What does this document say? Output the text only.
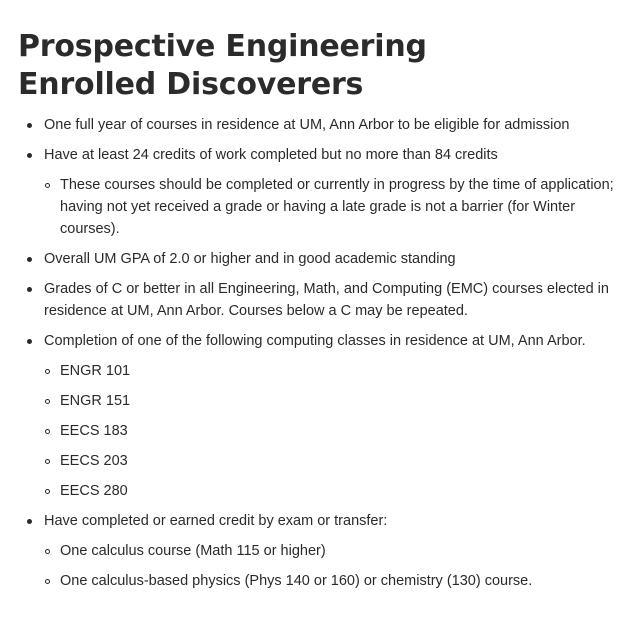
Prospective Engineering Enrolled Discoverers
One full year of courses in residence at UM, Ann Arbor to be eligible for admission
Have at least 24 credits of work completed but no more than 84 credits
These courses should be completed or currently in progress by the time of application; having not yet received a grade or having a late grade is not a barrier (for Winter courses).
Overall UM GPA of 2.0 or higher and in good academic standing
Grades of C or better in all Engineering, Math, and Computing (EMC) courses elected in residence at UM, Ann Arbor. Courses below a C may be repeated.
Completion of one of the following computing classes in residence at UM, Ann Arbor.
ENGR 101
ENGR 151
EECS 183
EECS 203
EECS 280
Have completed or earned credit by exam or transfer:
One calculus course (Math 115 or higher)
One calculus-based physics (Phys 140 or 160) or chemistry (130) course.
